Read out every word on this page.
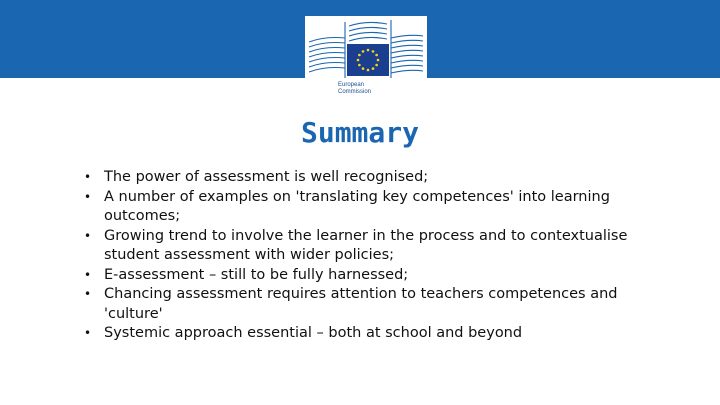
European
Commission
Summary
• The power of assessment is well recognised;
• A number of examples on 'translating key competences' into learning outcomes;
• Growing trend to involve the learner in the process and to contextualise student assessment with wider policies;
• E-assessment – still to be fully harnessed;
• Chancing assessment requires attention to teachers competences and 'culture'
• Systemic approach essential – both at school and beyond
